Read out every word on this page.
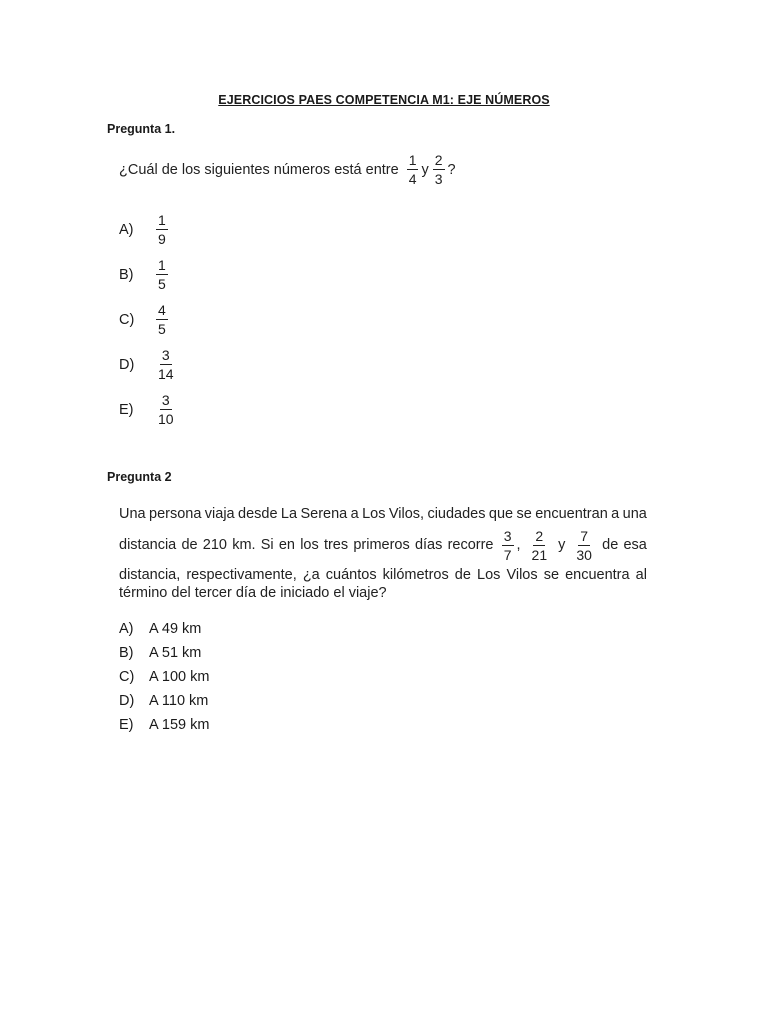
EJERCICIOS PAES COMPETENCIA M1: EJE NÚMEROS
Pregunta 1.
¿Cuál de los siguientes números está entre $\frac{1}{4}$ y $\frac{2}{3}$ ?
A)	$\frac{1}{9}$
B)	$\frac{1}{5}$
C)	$\frac{4}{5}$
D)	$\frac{3}{14}$
E)	$\frac{3}{10}$
Pregunta 2
Una persona viaja desde La Serena a Los Vilos, ciudades que se encuentran a una
distancia de 210 km. Si en los tres primeros días recorre $\frac{3}{7}$ , $\frac{2}{21}$ y $\frac{7}{30}$ de esa
distancia, respectivamente, ¿a cuántos kilómetros de Los Vilos se encuentra al
término del tercer día de iniciado el viaje?
A)	A 49 km
B)	A 51 km
C)	A 100 km
D)	A 110 km
E)	A 159 km
